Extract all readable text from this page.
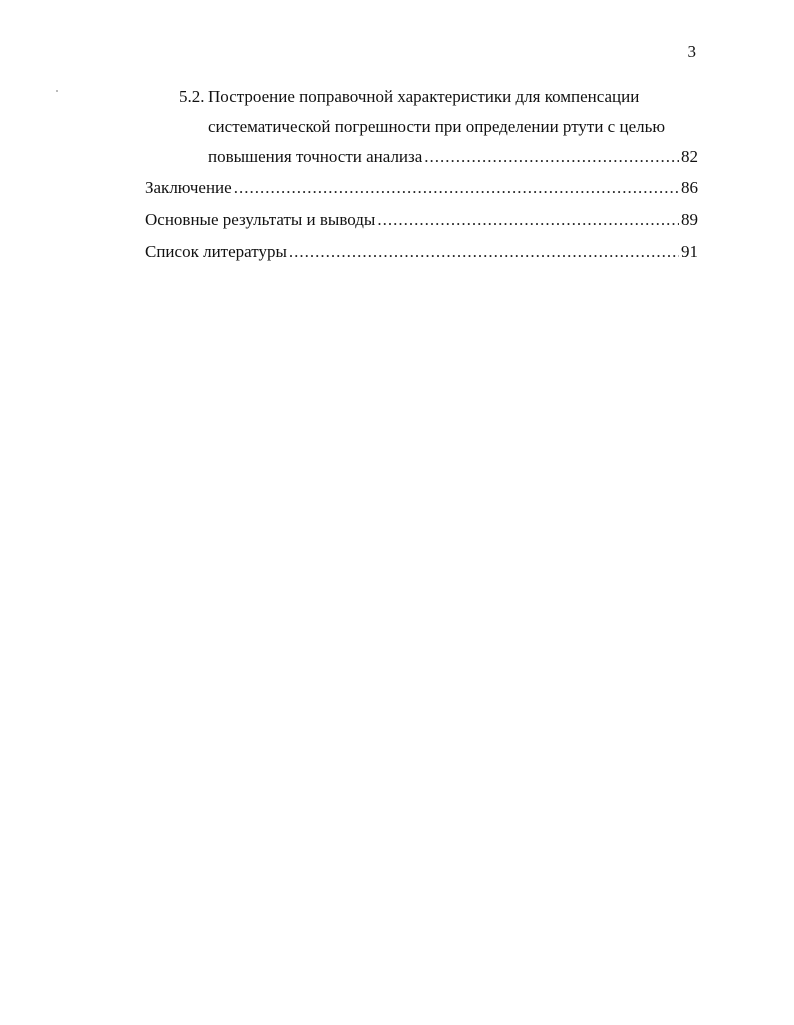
3
5.2. Построение поправочной характеристики для компенсации
систематической погрешности при определении ртути с целью
повышения точности анализа .....	82
Заключение .....	86
Основные результаты и выводы .....	89
Список литературы .....	91
